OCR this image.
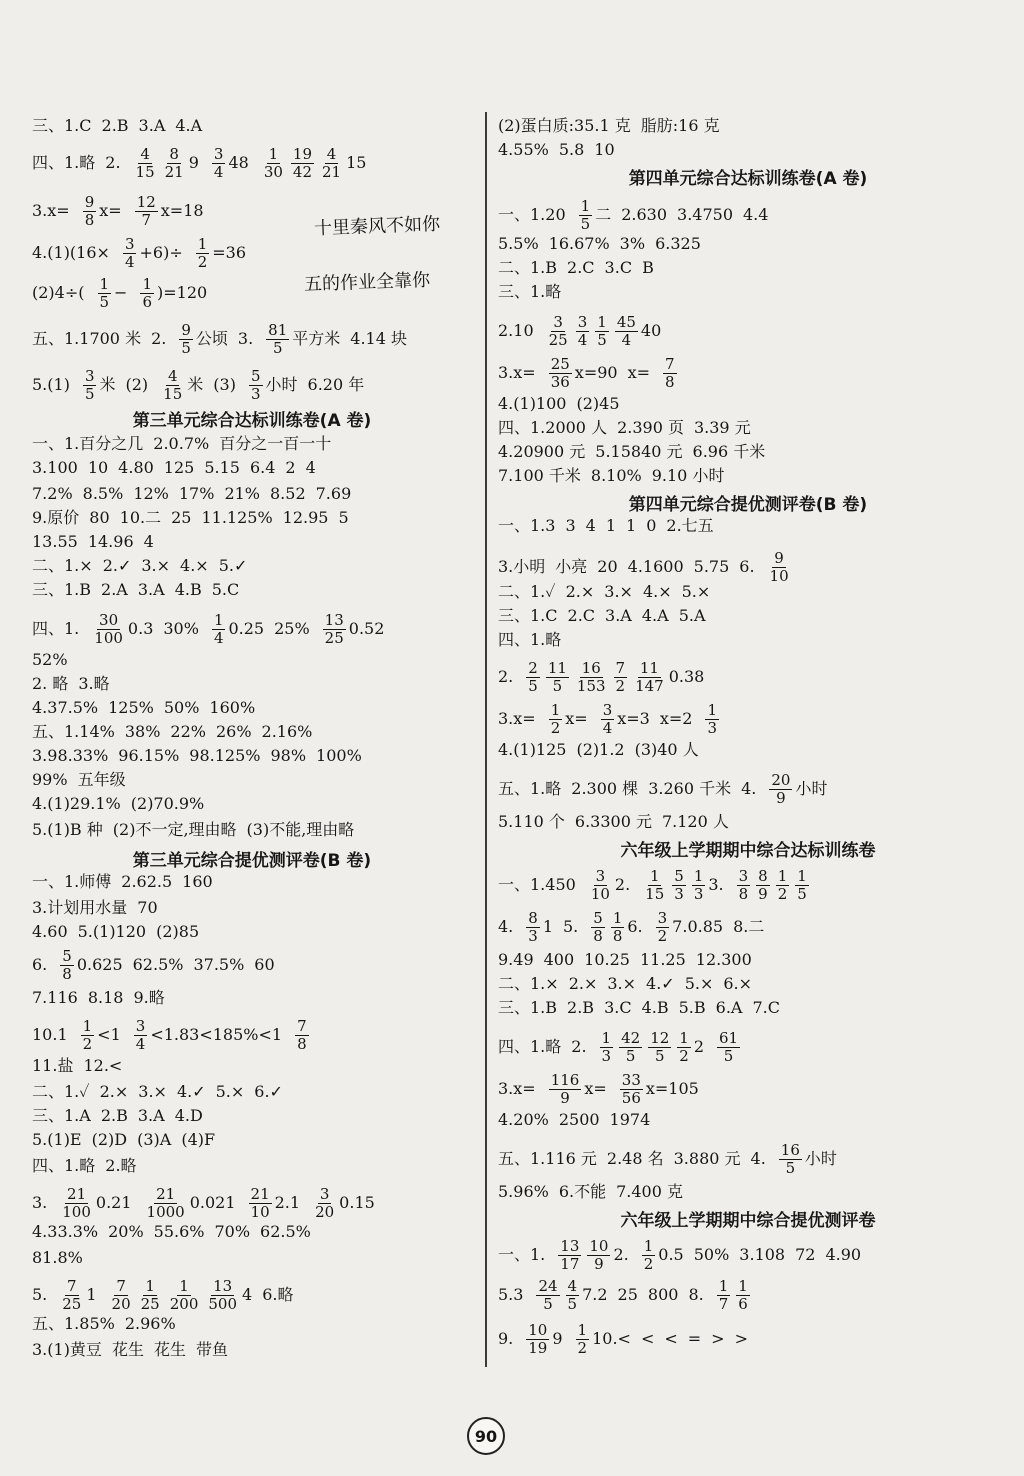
三、1.C 2.B 3.A 4.A
四、1.略 2. $\frac{4}{15} \frac{8}{21} 9 \frac{3}{4} 48 \frac{1}{30} \frac{19}{42} \frac{4}{21} 15$
$3.x= \frac{9}{8} x= \frac{12}{7} x=18$
$4.(1)(16\times \frac{3}{4} +6)\div \frac{1}{2} =36$
$(2)4\div( \frac{1}{5} - \frac{1}{6} )=120$
五、1.1700 米 2. $\frac{9}{5}$ 公顷 3. $\frac{81}{5}$ 平方米 4.14 块
$5.(1) \frac{3}{5}$ 米 $(2) \frac{4}{15}$ 米 $(3) \frac{5}{3}$ 小时 6.20 年
第三单元综合达标训练卷(A 卷)
一、1.百分之几 2.0.7% 百分之一百一十
3.100 10 4.80 125 5.15 6.4 2 4
7.2% 8.5% 12% 17% 21% 8.52 7.69
9.原价 80 10.二 25 11.125% 12.95 5
13.55 14.96 4
二、1.× 2.✓ 3.× 4.× 5.✓
三、1.B 2.A 3.A 4.B 5.C
四、1. $\frac{30}{100} 0.3$ $30\% \frac{1}{4} 0.25$ $25\% \frac{13}{25} 0.52$
52%
2. 略 3.略
4.37.5% 125% 50% 160%
五、1.14% 38% 22% 26% 2.16%
3.98.33% 96.15% 98.125% 98% 100%
99% 五年级
4.(1)29.1% (2)70.9%
5.(1)B 种 (2)不一定,理由略 (3)不能,理由略
第三单元综合提优测评卷(B 卷)
一、1.师傅 2.62.5 160
3.计划用水量 70
4.60 5.(1)120 (2)85
6. $\frac{5}{8} 0.625$ 62.5% 37.5% 60
7.116 8.18 9.略
$10.1 \frac{1}{2} <1 \frac{3}{4} <1.83<185\%<1 \frac{7}{8}$
11.盐 12.<
二、1.✓ 2.× 3.× 4.✓ 5.× 6.✓
三、1.A 2.B 3.A 4.D
5.(1)E (2)D (3)A (4)F
四、1.略 2.略
3. $\frac{21}{100} 0.21 \frac{21}{1000} 0.021 \frac{21}{10} 2.1 \frac{3}{20} 0.15$
4.33.3% 20% 55.6% 70% 62.5%
81.8%
5. $\frac{7}{25} 1 \frac{7}{20} \frac{1}{25} \frac{1}{200} \frac{13}{500} 4$ 6.略
五、1.85% 2.96%
3.(1)黄豆 花生 花生 带鱼
(2)蛋白质:35.1 克 脂肪:16 克
4.55% 5.8 10
第四单元综合达标训练卷(A 卷)
一、$1.20 \frac{1}{5}$ 二 2.630 3.4750 4.4
5.5% 16.67% 3% 6.325
二、1.B 2.C 3.C B
三、1.略
$2.10 \frac{3}{25} \frac{3}{4} \frac{1}{5} \frac{45}{4} 40$
$3.x= \frac{25}{36} x=90$ $x= \frac{7}{8}$
4.(1)100 (2)45
四、1.2000 人 2.390 页 3.39 元
4.20900 元 5.15840 元 6.96 千米
7.100 千米 8.10% 9.10 小时
第四单元综合提优测评卷(B 卷)
一、1.3 3 4 1 1 0 2.七五
3.小明 小亮 20 4.1600 5.75 6. $\frac{9}{10}$
二、1.✓ 2.× 3.× 4.× 5.×
三、1.C 2.C 3.A 4.A 5.A
四、1.略
2. $\frac{2}{5} \frac{11}{5} \frac{16}{153} \frac{7}{2} \frac{11}{147} 0.38$
$3.x= \frac{1}{2} x= \frac{3}{4} x=3$ $x=2 \frac{1}{3}$
4.(1)125 (2)1.2 (3)40 人
五、1.略 2.300 棵 3.260 千米 4. $\frac{20}{9}$ 小时
5.110 个 6.3300 元 7.120 人
六年级上学期期中综合达标训练卷
一、$1.450 \frac{3}{10} 2$. $\frac{1}{15} \frac{5}{3} \frac{1}{3} 3$. $\frac{3}{8} \frac{8}{9} \frac{1}{2} \frac{1}{5}$
4. $\frac{8}{3} 1$ 5. $\frac{5}{8} \frac{1}{8} 6$. $\frac{3}{2} 7.0.85$ 8.二
9.49 400 10.25 11.25 12.300
二、1.× 2.× 3.× 4.✓ 5.× 6.×
三、1.B 2.B 3.C 4.B 5.B 6.A 7.C
四、1.略 2. $\frac{1}{3} \frac{42}{5} \frac{12}{5} \frac{1}{2} 2 \frac{61}{5}$
$3.x= \frac{116}{9} x= \frac{33}{56} x=105$
4.20% 2500 1974
五、1.116 元 2.48 名 3.880 元 4. $\frac{16}{5}$ 小时
5.96% 6.不能 7.400 克
六年级上学期期中综合提优测评卷
一、1. $\frac{13}{17} \frac{10}{9} 2$. $\frac{1}{2} 0.5$ 50% 3.108 72 4.90
$5.3 \frac{24}{5} \frac{4}{5} 7.2$ 25 800 8. $\frac{1}{7} \frac{1}{6}$
9. $\frac{10}{19} 9 \frac{1}{2} 10.<$ < < = > >
十里秦风不如你
五的作业全靠你
90
